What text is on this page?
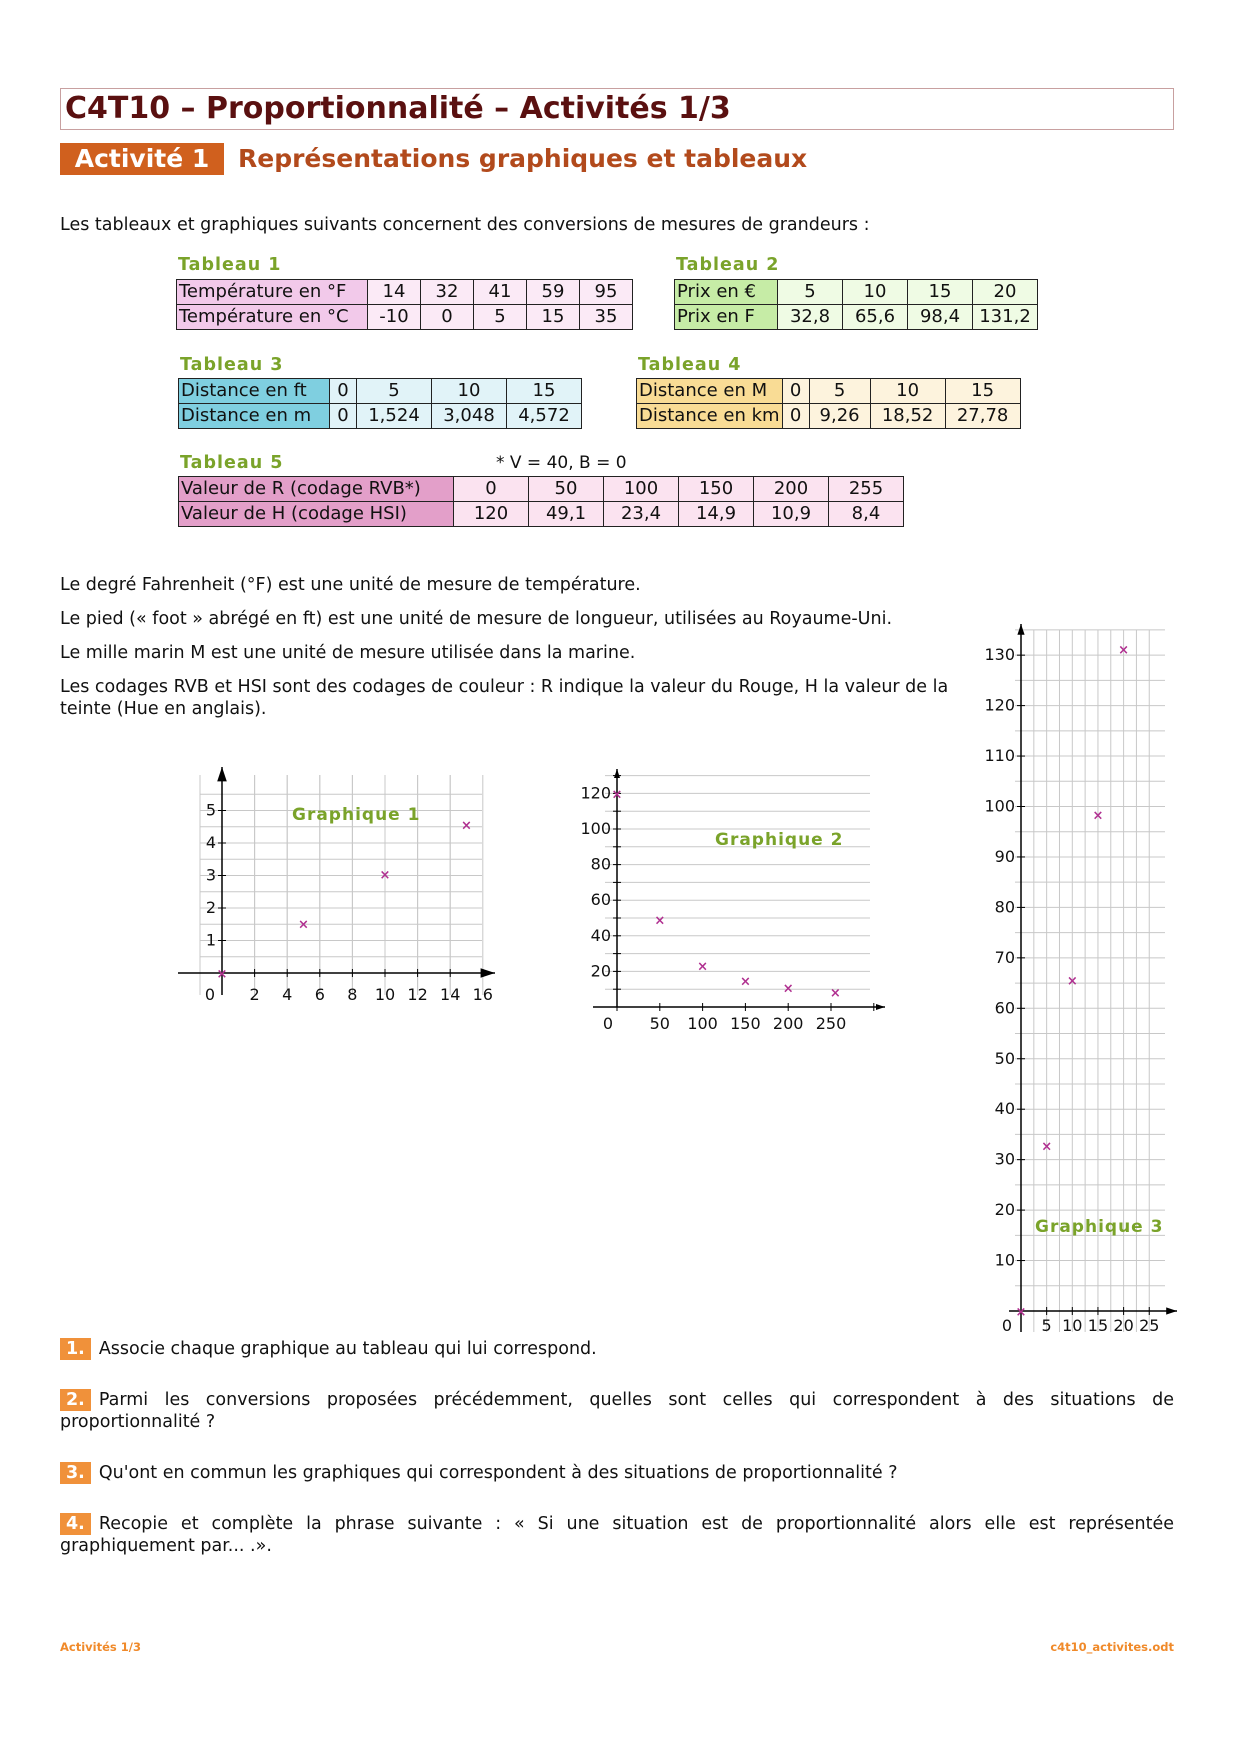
C4T10 – Proportionnalité – Activités 1/3
Activité 1	Représentations graphiques et tableaux
Les tableaux et graphiques suivants concernent des conversions de mesures de grandeurs :
Tableau 1	Tableau 2
Tableau 3	Tableau 4
Tableau 5	* V = 40, B = 0
Température en °F	14	32	41	59	95
Température en °C	-10	0	5	15	35
Prix en €	5	10	15	20
Prix en F	32,8	65,6	98,4	131,2
Distance en ft	0	5	10	15
Distance en m	0	1,524	3,048	4,572
Distance en M	0	5	10	15
Distance en km	0	9,26	18,52	27,78
Valeur de R (codage RVB*)	0	50	100	150	200	255
Valeur de H (codage HSI)	120	49,1	23,4	14,9	10,9	8,4
Le degré Fahrenheit (°F) est une unité de mesure de température.
Le pied (« foot » abrégé en ft) est une unité de mesure de longueur, utilisées au Royaume-Uni.
Le mille marin M est une unité de mesure utilisée dans la marine.
Les codages RVB et HSI sont des codages de couleur : R indique la valeur du Rouge, H la valeur de la teinte (Hue en anglais).
0 2 4 6 8 10 12 14 16
1
2
3
4
5	Graphique 1
×
×
×
×
0 50 100 150 200 250
20
40
60
80
100
120
Graphique 2
×
×
×
× ×	×
0 5 10 15 20 25
10
20
30
40
50
60
70
80
90
100
110
120
130
Graphique 3
×
×
×
×
×
1. Associe chaque graphique au tableau qui lui correspond.
2. Parmi les conversions proposées précédemment, quelles sont celles qui correspondent à des situations de proportionnalité ?
3. Qu'ont en commun les graphiques qui correspondent à des situations de proportionnalité ?
4. Recopie et complète la phrase suivante : « Si une situation est de proportionnalité alors elle est représentée graphiquement par... .».
Activités 1/3	c4t10_activites.odt
